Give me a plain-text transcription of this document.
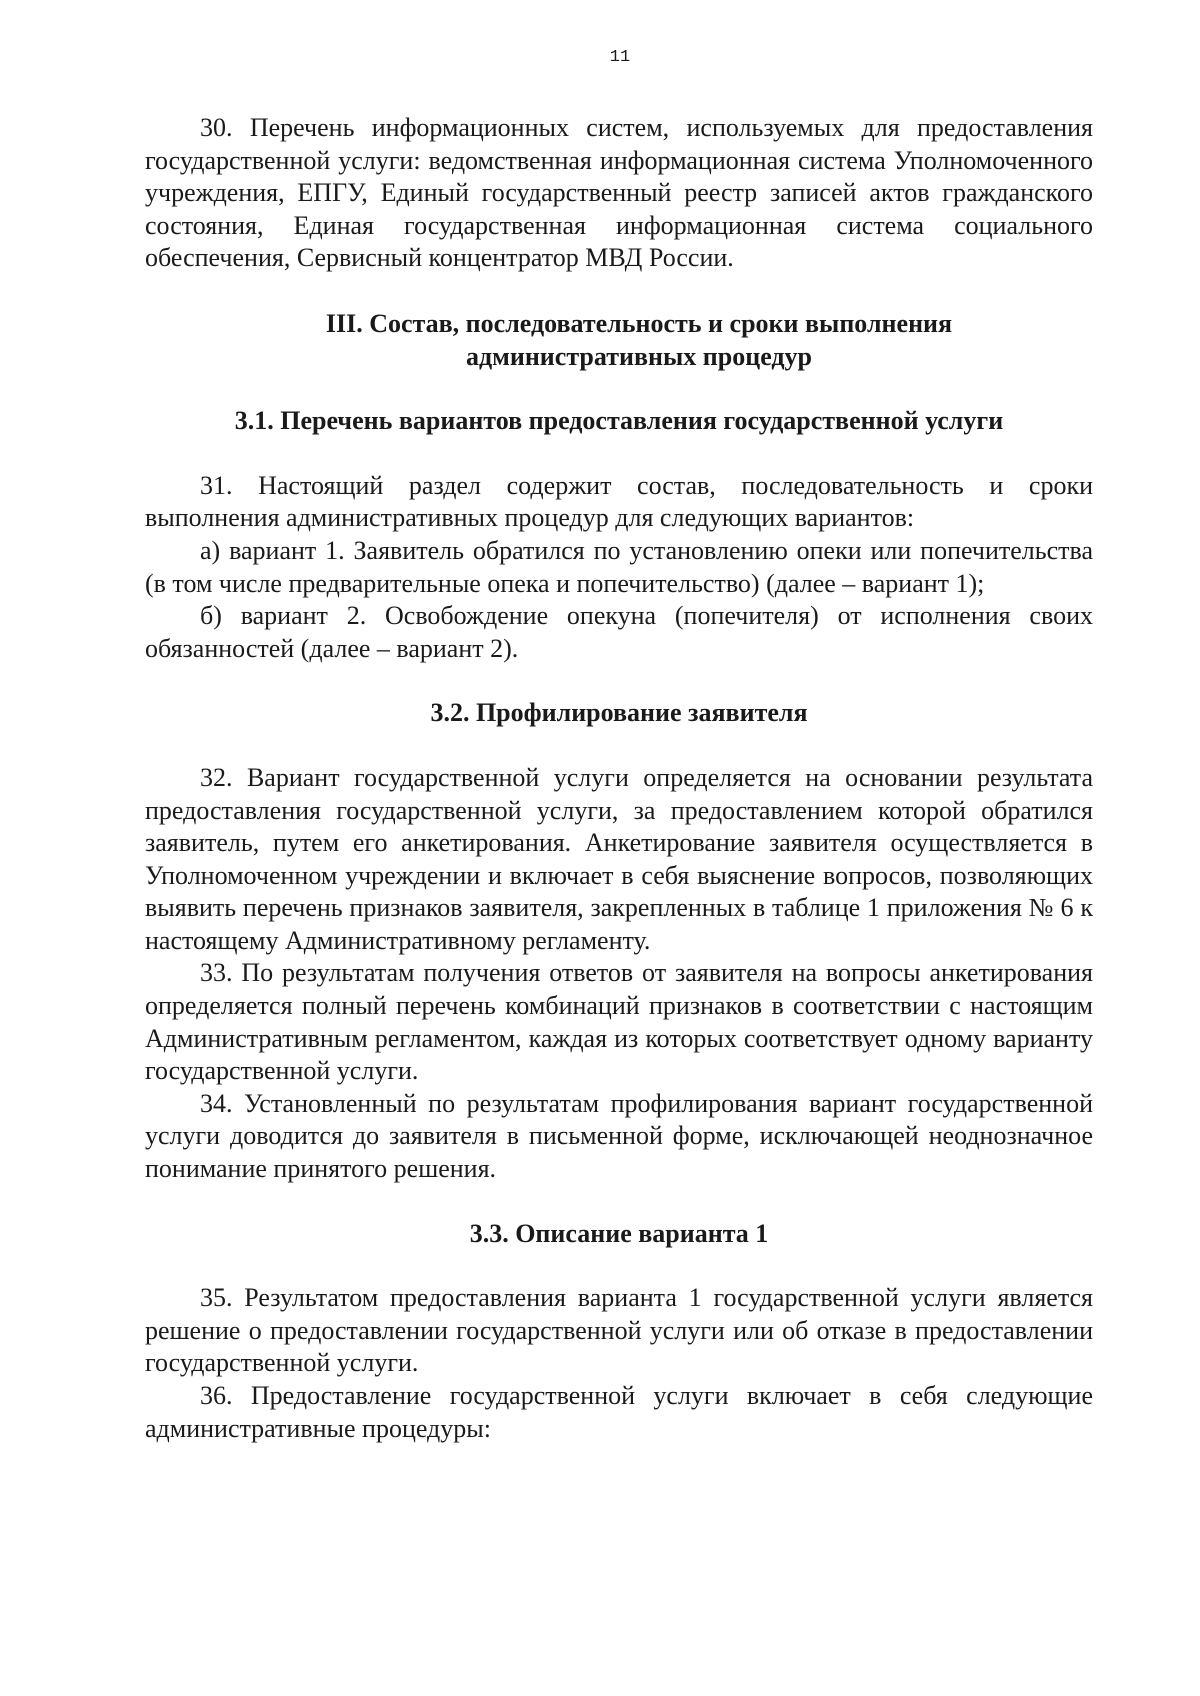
11

30. Перечень информационных систем, используемых для предоставления государственной услуги: ведомственная информационная система Уполномоченного учреждения, ЕПГУ, Единый государственный реестр записей актов гражданского состояния, Единая государственная информационная система социального обеспечения, Сервисный концентратор МВД России.

III. Состав, последовательность и сроки выполнения
административных процедур
3.1. Перечень вариантов предоставления государственной услуги

31. Настоящий раздел содержит состав, последовательность и сроки выполнения административных процедур для следующих вариантов:

а) вариант 1. Заявитель обратился по установлению опеки или попечительства (в том числе предварительные опека и попечительство) (далее – вариант 1);

б) вариант 2. Освобождение опекуна (попечителя) от исполнения своих обязанностей (далее – вариант 2).

3.2. Профилирование заявителя

32. Вариант государственной услуги определяется на основании результата предоставления государственной услуги, за предоставлением которой обратился заявитель, путем его анкетирования. Анкетирование заявителя осуществляется в Уполномоченном учреждении и включает в себя выяснение вопросов, позволяющих выявить перечень признаков заявителя, закрепленных в таблице 1 приложения № 6 к настоящему Административному регламенту.

33. По результатам получения ответов от заявителя на вопросы анкетирования определяется полный перечень комбинаций признаков в соответствии с настоящим Административным регламентом, каждая из которых соответствует одному варианту государственной услуги.

34. Установленный по результатам профилирования вариант государственной услуги доводится до заявителя в письменной форме, исключающей неоднозначное понимание принятого решения.

3.3. Описание варианта 1

35. Результатом предоставления варианта 1 государственной услуги является решение о предоставлении государственной услуги или об отказе в предоставлении государственной услуги.

36. Предоставление государственной услуги включает в себя следующие административные процедуры:
